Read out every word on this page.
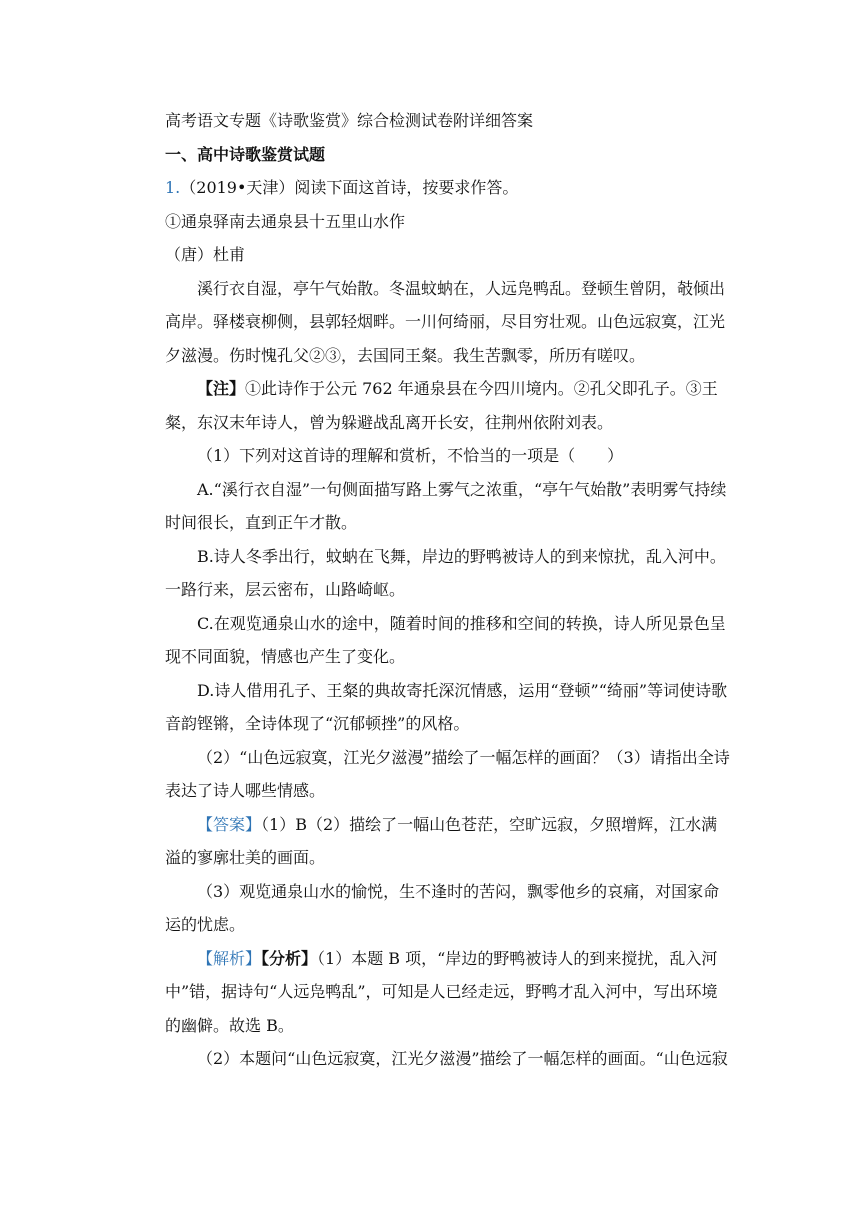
高考语文专题《诗歌鉴赏》综合检测试卷附详细答案
一、高中诗歌鉴赏试题
1.（2019•天津）阅读下面这首诗，按要求作答。
①通泉驿南去通泉县十五里山水作
（唐）杜甫
溪行衣自湿，亭午气始散。冬温蚊蚋在，人远凫鸭乱。登顿生曾阴，攲倾出高岸。驿楼衰柳侧，县郭轻烟畔。一川何绮丽，尽目穷壮观。山色远寂寞，江光夕滋漫。伤时愧孔父②③，去国同王粲。我生苦飘零，所历有嗟叹。
【注】①此诗作于公元 762 年通泉县在今四川境内。②孔父即孔子。③王粲，东汉末年诗人，曾为躲避战乱离开长安，往荆州依附刘表。
（1）下列对这首诗的理解和赏析，不恰当的一项是（　　）
A.“溪行衣自湿”一句侧面描写路上雾气之浓重，“亭午气始散”表明雾气持续时间很长，直到正午才散。
B.诗人冬季出行，蚊蚋在飞舞，岸边的野鸭被诗人的到来惊扰，乱入河中。一路行来，层云密布，山路崎岖。
C.在观览通泉山水的途中，随着时间的推移和空间的转换，诗人所见景色呈现不同面貌，情感也产生了变化。
D.诗人借用孔子、王粲的典故寄托深沉情感，运用“登顿”“绮丽”等词使诗歌音韵铿锵，全诗体现了“沉郁顿挫”的风格。
（2）“山色远寂寞，江光夕滋漫”描绘了一幅怎样的画面？（3）请指出全诗表达了诗人哪些情感。
【答案】（1）B（2）描绘了一幅山色苍茫，空旷远寂，夕照增辉，江水满溢的寥廓壮美的画面。
（3）观览通泉山水的愉悦，生不逢时的苦闷，飘零他乡的哀痛，对国家命运的忧虑。
【解析】【分析】（1）本题 B 项，“岸边的野鸭被诗人的到来搅扰，乱入河中”错，据诗句“人远凫鸭乱”，可知是人已经走远，野鸭才乱入河中，写出环境的幽僻。故选 B。
（2）本题问“山色远寂寞，江光夕滋漫”描绘了一幅怎样的画面。“山色远寂
